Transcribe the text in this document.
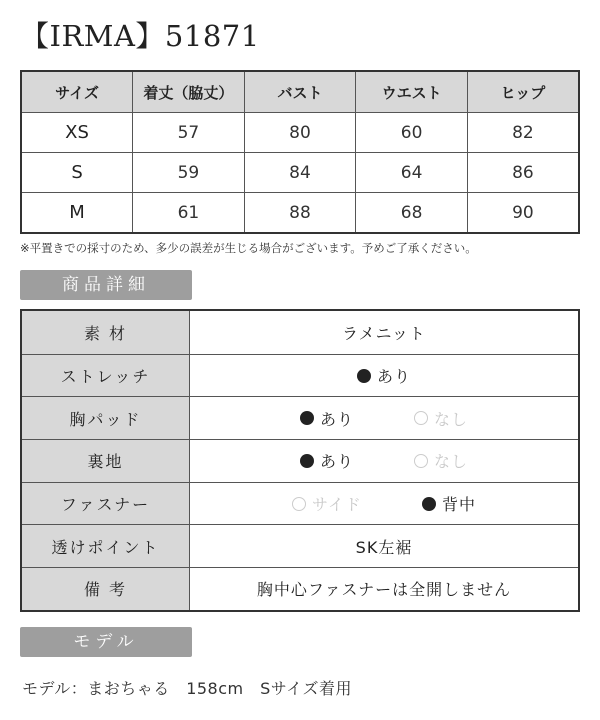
【IRMA】51871
サイズ	着丈（脇丈）	バスト	ウエスト	ヒップ
XS	57	80	60	82
S	59	84	64	86
M	61	88	68	90
※平置きでの採寸のため、多少の誤差が生じる場合がございます。予めご了承ください。
商品詳細
素 材	ラメニット
ストレッチ	あり
胸パッド	あり	なし
裏地	あり	なし
ファスナー	サイド	背中
透けポイント	SK左裾
備 考	胸中心ファスナーは全開しません
モデル
モデル：まおちゃる　158cm　Sサイズ着用
